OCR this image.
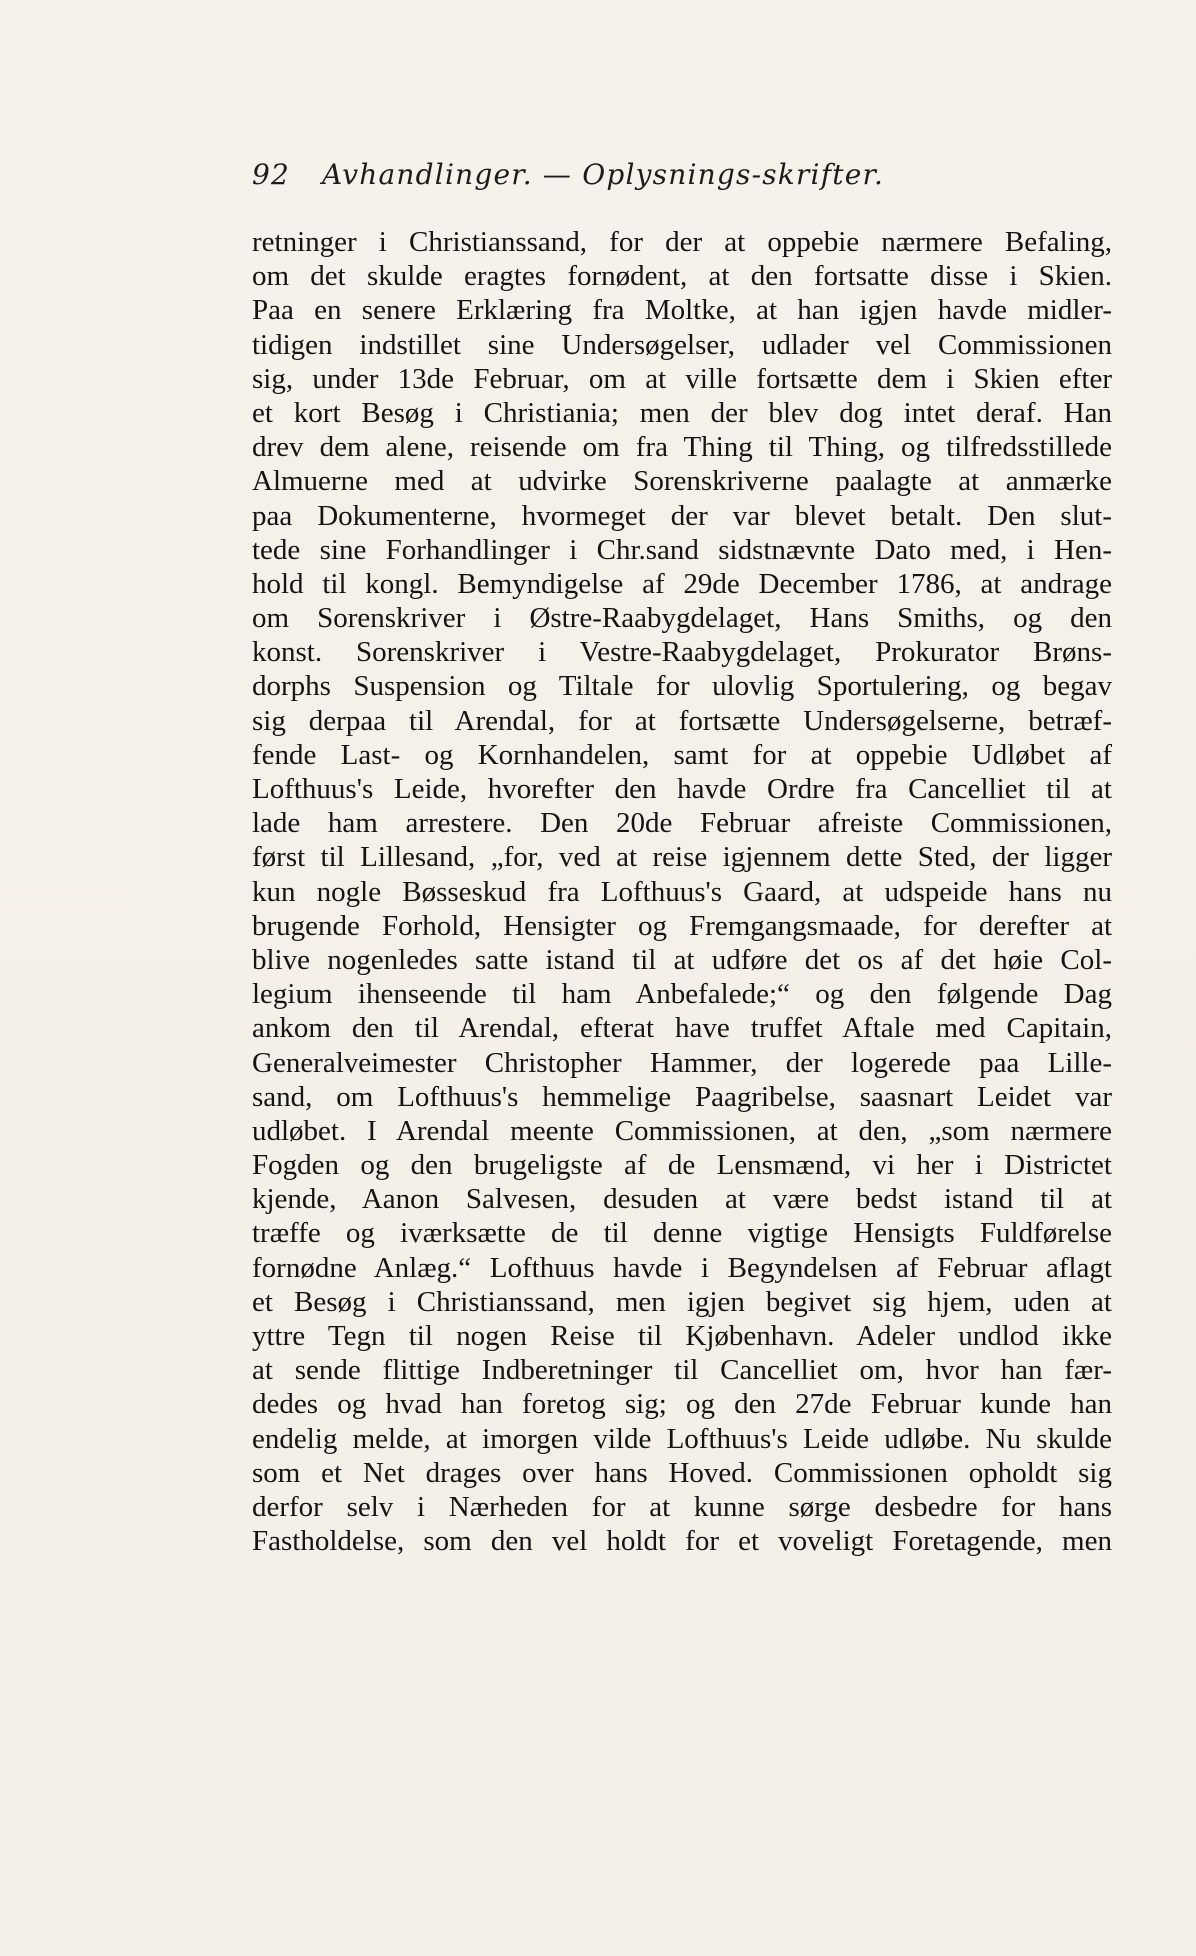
92 Avhandlinger. — Oplysnings-skrifter.
retninger i Christianssand, for der at oppebie nærmere Befaling,
om det skulde eragtes fornødent, at den fortsatte disse i Skien.
Paa en senere Erklæring fra Moltke, at han igjen havde midler-
tidigen indstillet sine Undersøgelser, udlader vel Commissionen
sig, under 13de Februar, om at ville fortsætte dem i Skien efter
et kort Besøg i Christiania; men der blev dog intet deraf. Han
drev dem alene, reisende om fra Thing til Thing, og tilfredsstillede
Almuerne med at udvirke Sorenskriverne paalagte at anmærke
paa Dokumenterne, hvormeget der var blevet betalt. Den slut-
tede sine Forhandlinger i Chr.sand sidstnævnte Dato med, i Hen-
hold til kongl. Bemyndigelse af 29de December 1786, at andrage
om Sorenskriver i Østre-Raabygdelaget, Hans Smiths, og den
konst. Sorenskriver i Vestre-Raabygdelaget, Prokurator Brøns-
dorphs Suspension og Tiltale for ulovlig Sportulering, og begav
sig derpaa til Arendal, for at fortsætte Undersøgelserne, betræf-
fende Last- og Kornhandelen, samt for at oppebie Udløbet af
Lofthuus's Leide, hvorefter den havde Ordre fra Cancelliet til at
lade ham arrestere. Den 20de Februar afreiste Commissionen,
først til Lillesand, „for, ved at reise igjennem dette Sted, der ligger
kun nogle Bøsseskud fra Lofthuus's Gaard, at udspeide hans nu
brugende Forhold, Hensigter og Fremgangsmaade, for derefter at
blive nogenledes satte istand til at udføre det os af det høie Col-
legium ihenseende til ham Anbefalede;“ og den følgende Dag
ankom den til Arendal, efterat have truffet Aftale med Capitain,
Generalveimester Christopher Hammer, der logerede paa Lille-
sand, om Lofthuus's hemmelige Paagribelse, saasnart Leidet var
udløbet. I Arendal meente Commissionen, at den, „som nærmere
Fogden og den brugeligste af de Lensmænd, vi her i Districtet
kjende, Aanon Salvesen, desuden at være bedst istand til at
træffe og iværksætte de til denne vigtige Hensigts Fuldførelse
fornødne Anlæg.“ Lofthuus havde i Begyndelsen af Februar aflagt
et Besøg i Christianssand, men igjen begivet sig hjem, uden at
yttre Tegn til nogen Reise til Kjøbenhavn. Adeler undlod ikke
at sende flittige Indberetninger til Cancelliet om, hvor han fær-
dedes og hvad han foretog sig; og den 27de Februar kunde han
endelig melde, at imorgen vilde Lofthuus's Leide udløbe. Nu skulde
som et Net drages over hans Hoved. Commissionen opholdt sig
derfor selv i Nærheden for at kunne sørge desbedre for hans
Fastholdelse, som den vel holdt for et voveligt Foretagende, men
